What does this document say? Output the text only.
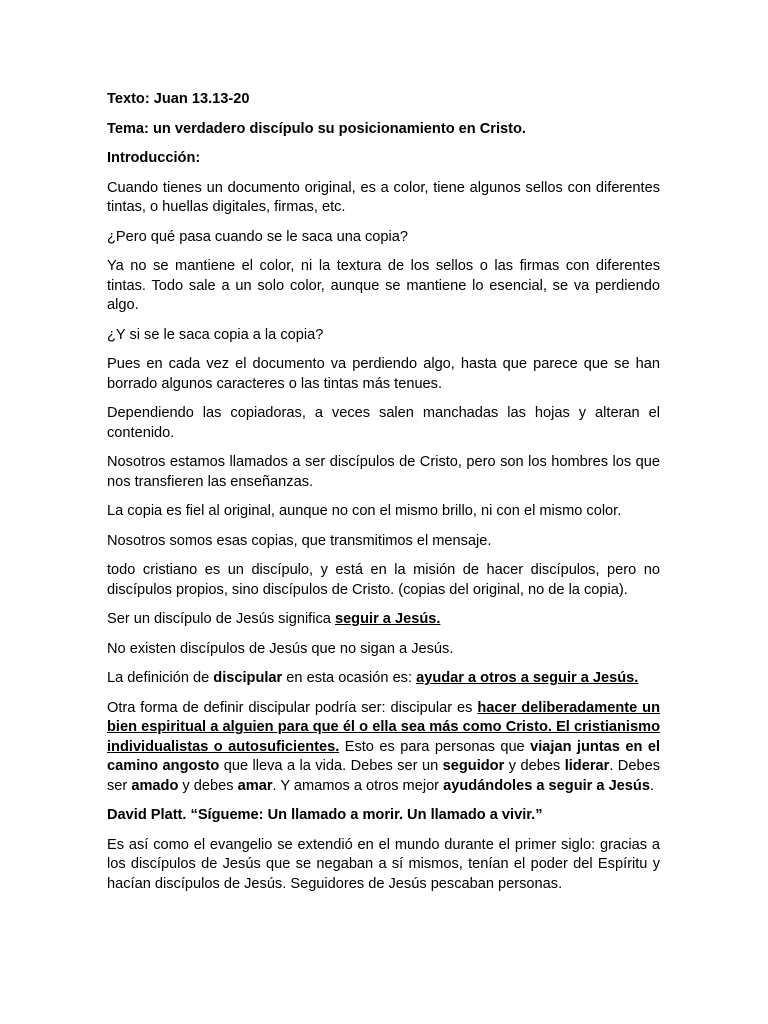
Texto: Juan 13.13-20

Tema: un verdadero discípulo su posicionamiento en Cristo.

Introducción:

Cuando tienes un documento original, es a color, tiene algunos sellos con diferentes tintas, o huellas digitales, firmas, etc.

¿Pero qué pasa cuando se le saca una copia?

Ya no se mantiene el color, ni la textura de los sellos o las firmas con diferentes tintas. Todo sale a un solo color, aunque se mantiene lo esencial, se va perdiendo algo.

¿Y si se le saca copia a la copia?

Pues en cada vez el documento va perdiendo algo, hasta que parece que se han borrado algunos caracteres o las tintas más tenues.

Dependiendo las copiadoras, a veces salen manchadas las hojas y alteran el contenido.

Nosotros estamos llamados a ser discípulos de Cristo, pero son los hombres los que nos transfieren las enseñanzas.

La copia es fiel al original, aunque no con el mismo brillo, ni con el mismo color.

Nosotros somos esas copias, que transmitimos el mensaje.

todo cristiano es un discípulo, y está en la misión de hacer discípulos, pero no discípulos propios, sino discípulos de Cristo. (copias del original, no de la copia).

Ser un discípulo de Jesús significa seguir a Jesús.

No existen discípulos de Jesús que no sigan a Jesús.

La definición de discipular en esta ocasión es: ayudar a otros a seguir a Jesús.

Otra forma de definir discipular podría ser: discipular es hacer deliberadamente un bien espiritual a alguien para que él o ella sea más como Cristo. El cristianismo individualistas o autosuficientes. Esto es para personas que viajan juntas en el camino angosto que lleva a la vida. Debes ser un seguidor y debes liderar. Debes ser amado y debes amar. Y amamos a otros mejor ayudándoles a seguir a Jesús.

David Platt. “Sígueme: Un llamado a morir. Un llamado a vivir.”

Es así como el evangelio se extendió en el mundo durante el primer siglo: gracias a los discípulos de Jesús que se negaban a sí mismos, tenían el poder del Espíritu y hacían discípulos de Jesús. Seguidores de Jesús pescaban personas.
